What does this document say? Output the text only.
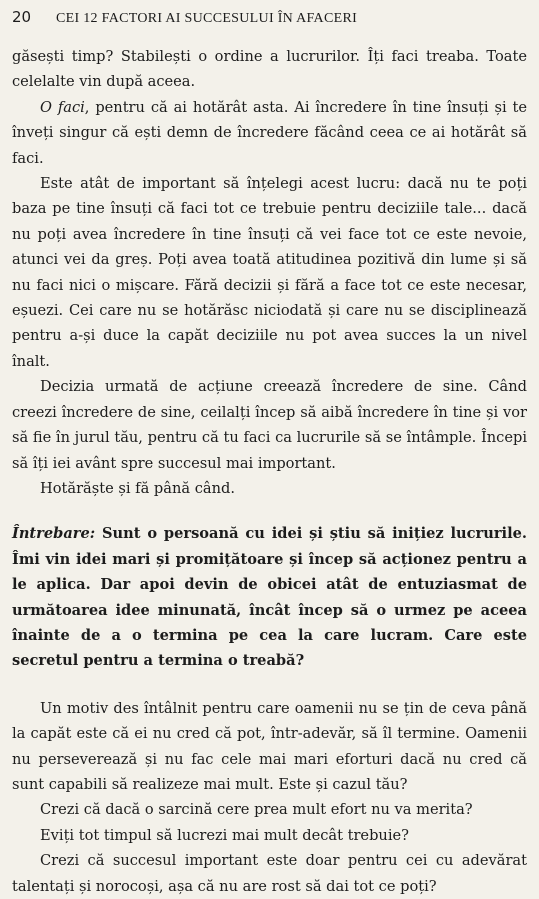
20	CEI 12 FACTORI AI SUCCESULUI ÎN AFACERI

găsești timp? Stabilești o ordine a lucrurilor. Îți faci treaba. Toate celelalte vin după aceea.

O faci, pentru că ai hotărât asta. Ai încredere în tine însuți și te înveți singur că ești demn de încredere făcând ceea ce ai hotărât să faci.

Este atât de important să înțelegi acest lucru: dacă nu te poți baza pe tine însuți că faci tot ce trebuie pentru deciziile tale... dacă nu poți avea încredere în tine însuți că vei face tot ce este nevoie, atunci vei da greș. Poți avea toată atitudinea pozitivă din lume și să nu faci nici o mișcare. Fără decizii și fără a face tot ce este necesar, eșuezi. Cei care nu se hotărăsc niciodată și care nu se disciplinează pentru a-și duce la capăt deciziile nu pot avea succes la un nivel înalt.

Decizia urmată de acțiune creează încredere de sine. Când creezi încredere de sine, ceilalți încep să aibă încredere în tine și vor să fie în jurul tău, pentru că tu faci ca lucrurile să se întâmple. Începi să îți iei avânt spre succesul mai important.

Hotărăște și fă până când.

Întrebare: Sunt o persoană cu idei și știu să inițiez lucrurile. Îmi vin idei mari și promițătoare și încep să acționez pentru a le aplica. Dar apoi devin de obicei atât de entuziasmat de următoarea idee minunată, încât încep să o urmez pe aceea înainte de a o termina pe cea la care lucram. Care este secretul pentru a termina o treabă?

Un motiv des întâlnit pentru care oamenii nu se țin de ceva până la capăt este că ei nu cred că pot, într-adevăr, să îl termine. Oamenii nu perseverează și nu fac cele mai mari eforturi dacă nu cred că sunt capabili să realizeze mai mult. Este și cazul tău?

Crezi că dacă o sarcină cere prea mult efort nu va merita?

Eviți tot timpul să lucrezi mai mult decât trebuie?

Crezi că succesul important este doar pentru cei cu adevărat talentați și norocoși, așa că nu are rost să dai tot ce poți?
